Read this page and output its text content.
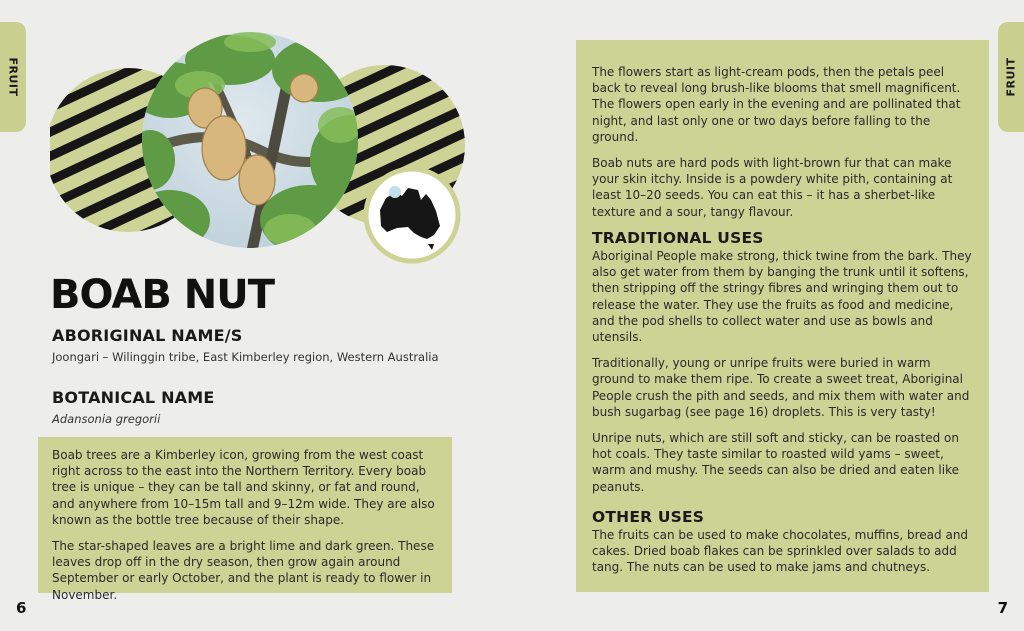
FRUIT	FRUIT
BOAB NUT
ABORIGINAL NAME/S

Joongari – Wilinggin tribe, East Kimberley region, Western Australia

BOTANICAL NAME

Adansonia gregorii

Boab trees are a Kimberley icon, growing from the west coast right across to the east into the Northern Territory. Every boab tree is unique – they can be tall and skinny, or fat and round, and anywhere from 10–15m tall and 9–12m wide. They are also known as the bottle tree because of their shape.

The star-shaped leaves are a bright lime and dark green. These leaves drop off in the dry season, then grow again around September or early October, and the plant is ready to flower in November.

The flowers start as light-cream pods, then the petals peel back to reveal long brush-like blooms that smell magnificent. The flowers open early in the evening and are pollinated that night, and last only one or two days before falling to the ground.

Boab nuts are hard pods with light-brown fur that can make your skin itchy. Inside is a powdery white pith, containing at least 10–20 seeds. You can eat this – it has a sherbet-like texture and a sour, tangy flavour.

TRADITIONAL USES

Aboriginal People make strong, thick twine from the bark. They also get water from them by banging the trunk until it softens, then stripping off the stringy fibres and wringing them out to release the water. They use the fruits as food and medicine, and the pod shells to collect water and use as bowls and utensils.

Traditionally, young or unripe fruits were buried in warm ground to make them ripe. To create a sweet treat, Aboriginal People crush the pith and seeds, and mix them with water and bush sugarbag (see page 16) droplets. This is very tasty!

Unripe nuts, which are still soft and sticky, can be roasted on hot coals. They taste similar to roasted wild yams – sweet, warm and mushy. The seeds can also be dried and eaten like peanuts.

OTHER USES

The fruits can be used to make chocolates, muffins, bread and cakes. Dried boab flakes can be sprinkled over salads to add tang. The nuts can be used to make jams and chutneys.

6	7
